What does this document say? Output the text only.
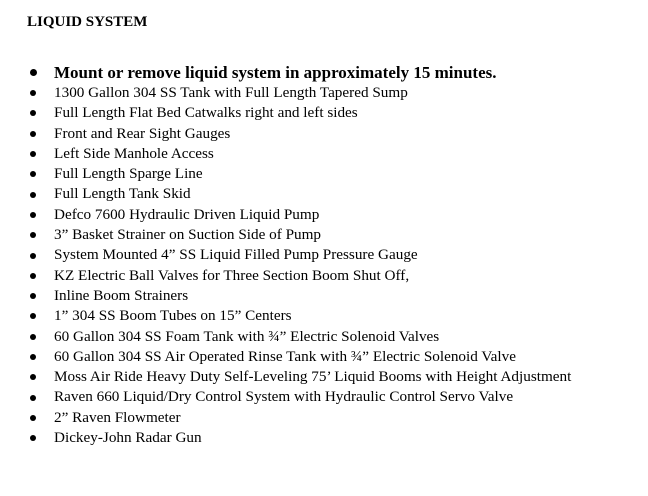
LIQUID SYSTEM
Mount or remove liquid system in approximately 15 minutes.
1300 Gallon 304 SS Tank with Full Length Tapered Sump
Full Length Flat Bed Catwalks right and left sides
Front and Rear Sight Gauges
Left Side Manhole Access
Full Length Sparge Line
Full Length Tank Skid
Defco 7600 Hydraulic Driven Liquid Pump
3” Basket Strainer on Suction Side of Pump
System Mounted 4” SS Liquid Filled Pump Pressure Gauge
KZ Electric Ball Valves for Three Section Boom Shut Off,
Inline Boom Strainers
1” 304 SS Boom Tubes on 15” Centers
60 Gallon 304 SS Foam Tank with ¾” Electric Solenoid Valves
60 Gallon 304 SS Air Operated Rinse Tank with ¾” Electric Solenoid Valve
Moss Air Ride Heavy Duty Self-Leveling 75’ Liquid Booms with Height Adjustment
Raven 660 Liquid/Dry Control System with Hydraulic Control Servo Valve
2” Raven Flowmeter
Dickey-John Radar Gun
